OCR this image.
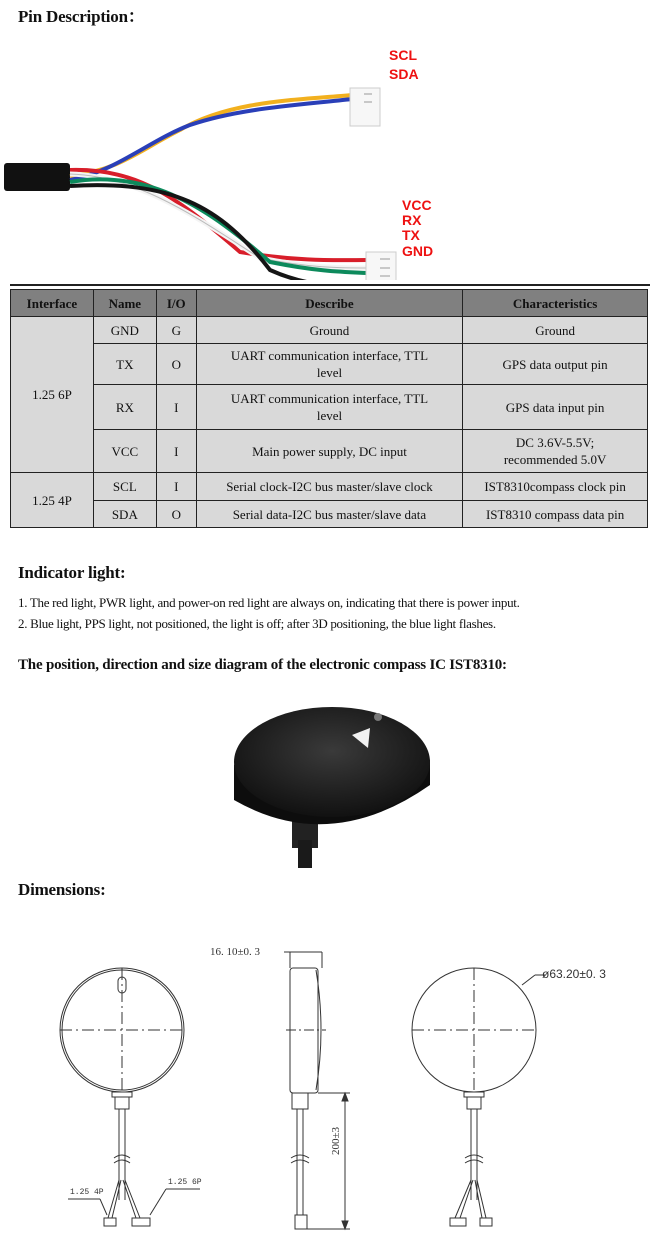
Pin Description：
SCL
SDA
VCC
RX
TX
GND
Interface	Name	I/O	Describe	Characteristics
1.25 6P	GND	G	Ground	Ground
	TX	O	UART communication interface, TTL level	GPS data output pin
	RX	I	UART communication interface, TTL level	GPS data input pin
	VCC	I	Main power supply, DC input	DC 3.6V-5.5V; recommended 5.0V
1.25 4P	SCL	I	Serial clock-I2C bus master/slave clock	IST8310compass clock pin
	SDA	O	Serial data-I2C bus master/slave data	IST8310 compass data pin
Indicator light:
1. The red light, PWR light, and power-on red light are always on, indicating that there is power input.
2. Blue light, PPS light, not positioned, the light is off; after 3D positioning, the blue light flashes.
The position, direction and size diagram of the electronic compass IC IST8310:
Dimensions:
16. 10±0. 3
ø63.20±0. 3
200±3
1.25 4P
1.25 6P
